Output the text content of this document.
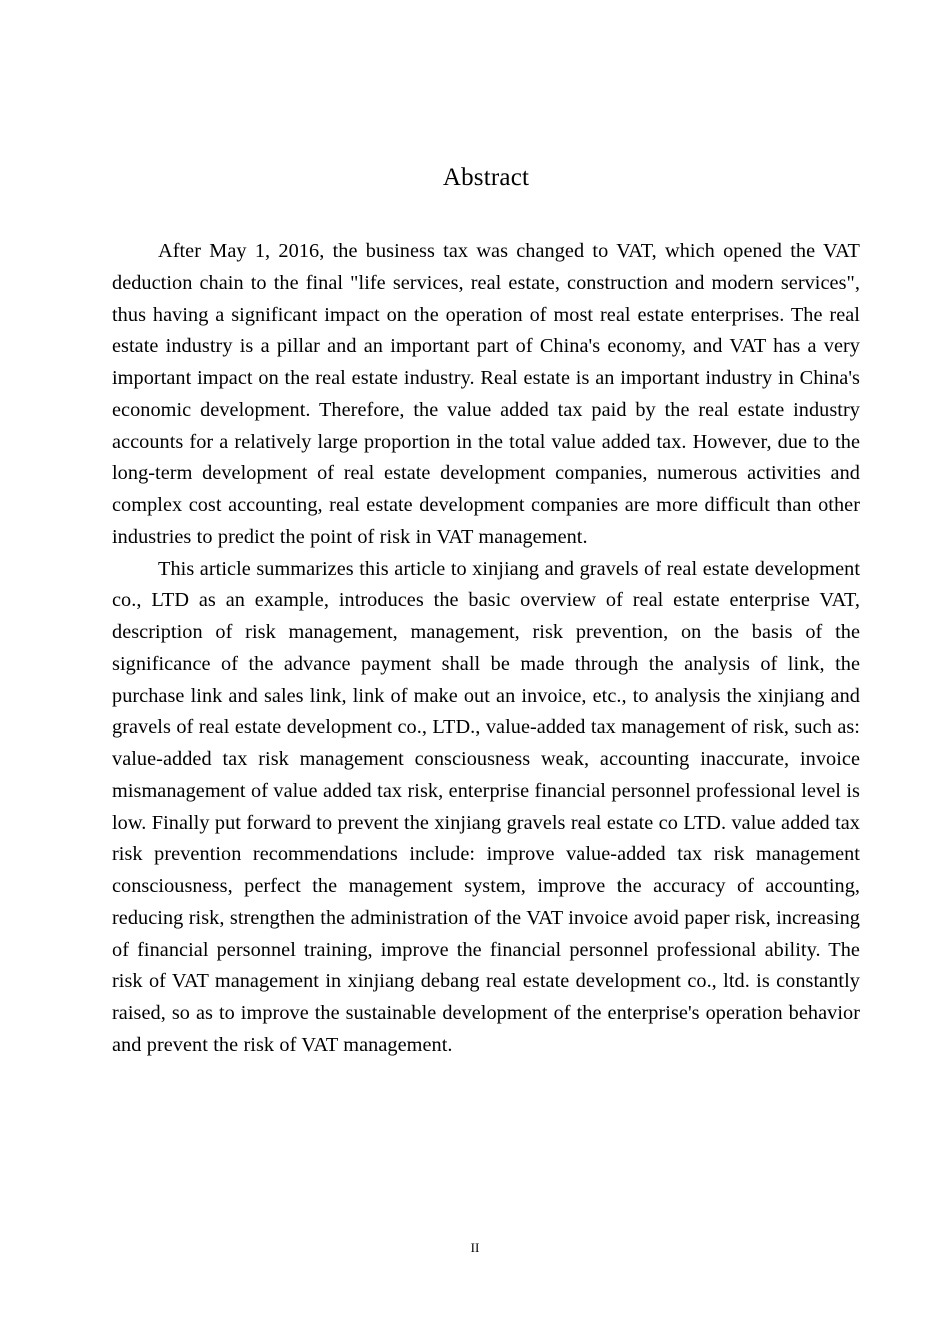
Abstract

After May 1, 2016, the business tax was changed to VAT, which opened the VAT deduction chain to the final "life services, real estate, construction and modern services", thus having a significant impact on the operation of most real estate enterprises. The real estate industry is a pillar and an important part of China's economy, and VAT has a very important impact on the real estate industry. Real estate is an important industry in China's economic development. Therefore, the value added tax paid by the real estate industry accounts for a relatively large proportion in the total value added tax. However, due to the long-term development of real estate development companies, numerous activities and complex cost accounting, real estate development companies are more difficult than other industries to predict the point of risk in VAT management.

This article summarizes this article to xinjiang and gravels of real estate development co., LTD as an example, introduces the basic overview of real estate enterprise VAT, description of risk management, management, risk prevention, on the basis of the significance of the advance payment shall be made through the analysis of link, the purchase link and sales link, link of make out an invoice, etc., to analysis the xinjiang and gravels of real estate development co., LTD., value-added tax management of risk, such as: value-added tax risk management consciousness weak, accounting inaccurate, invoice mismanagement of value added tax risk, enterprise financial personnel professional level is low. Finally put forward to prevent the xinjiang gravels real estate co LTD. value added tax risk prevention recommendations include: improve value-added tax risk management consciousness, perfect the management system, improve the accuracy of accounting, reducing risk, strengthen the administration of the VAT invoice avoid paper risk, increasing of financial personnel training, improve the financial personnel professional ability. The risk of VAT management in xinjiang debang real estate development co., ltd. is constantly raised, so as to improve the sustainable development of the enterprise's operation behavior and prevent the risk of VAT management.

II
